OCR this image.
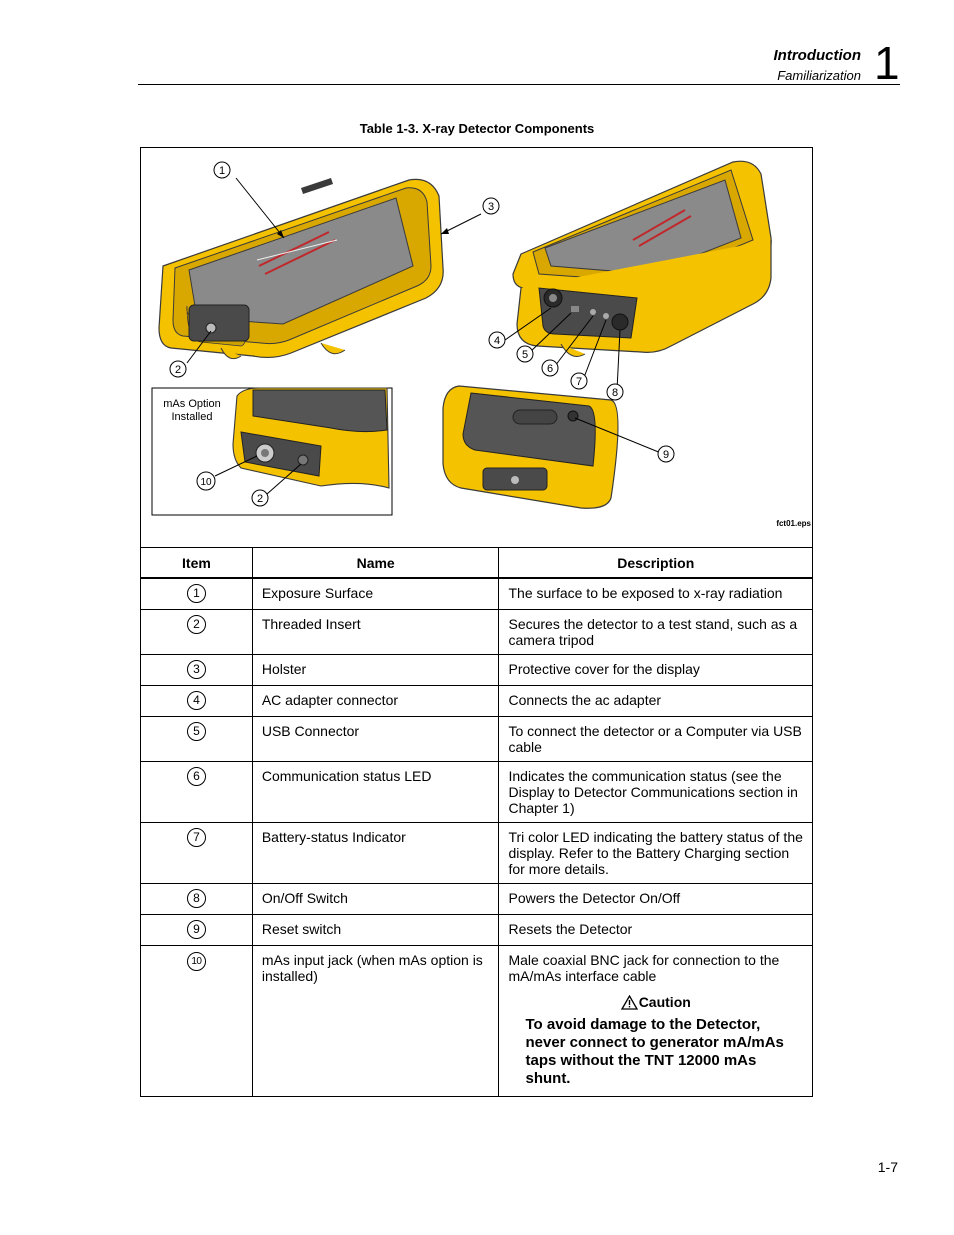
Introduction
Familiarization 1
Table 1-3. X-ray Detector Components
1
2
3
4
5
6
7
8
9
10
2
mAs Option
Installed
fct01.eps
Item	Name	Description
1	Exposure Surface	The surface to be exposed to x-ray radiation
2	Threaded Insert	Secures the detector to a test stand, such as a camera tripod
3	Holster	Protective cover for the display
4	AC adapter connector	Connects the ac adapter
5	USB Connector	To connect the detector or a Computer via USB cable
6	Communication status LED	Indicates the communication status (see the Display to Detector Communications section in Chapter 1)
7	Battery-status Indicator	Tri color LED indicating the battery status of the display. Refer to the Battery Charging section for more details.
8	On/Off Switch	Powers the Detector On/Off
9	Reset switch	Resets the Detector
10	mAs input jack (when mAs option is installed)	Male coaxial BNC jack for connection to the mA/mAs interface cable
Caution
To avoid damage to the Detector, never connect to generator mA/mAs taps without the TNT 12000 mAs shunt.
1-7
